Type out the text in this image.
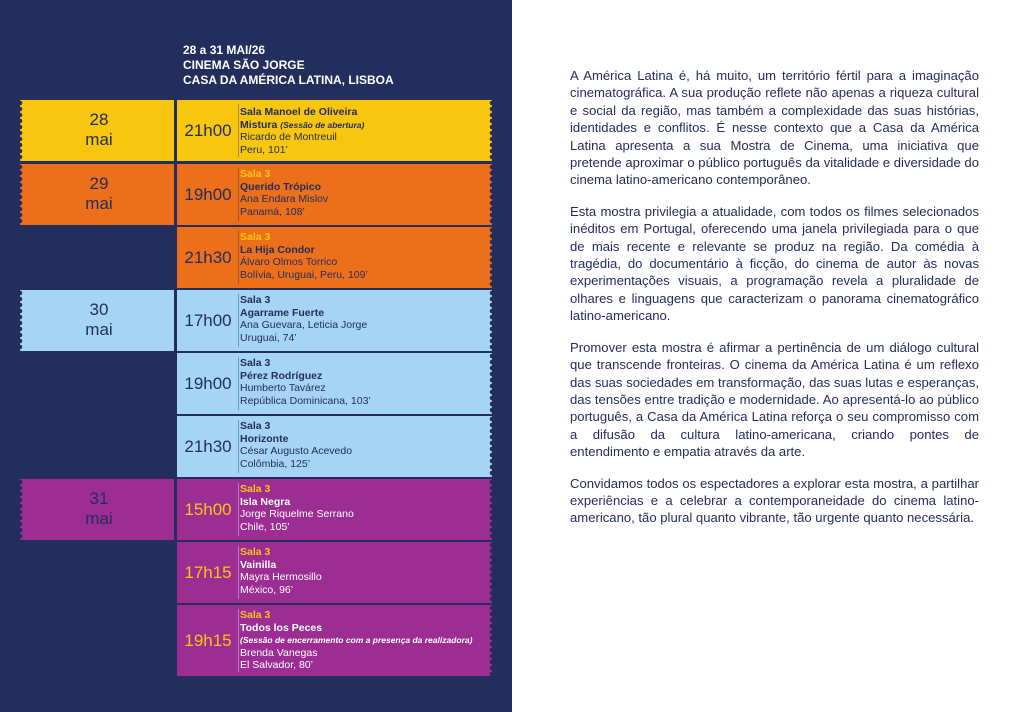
28 a 31 MAI/26
CINEMA SÃO JORGE
CASA DA AMÉRICA LATINA, LISBOA
28
mai
29
mai
30
mai
31
mai
21h00
Sala Manoel de Oliveira
Mistura (Sessão de abertura)
Ricardo de Montreuil
Peru, 101’
19h00
Sala 3
Querido Trópico
Ana Endara Mislov
Panamá, 108’
21h30
Sala 3
La Hija Condor
Álvaro Olmos Torrico
Bolívia, Uruguai, Peru, 109’
17h00
Sala 3
Agarrame Fuerte
Ana Guevara, Leticia Jorge
Uruguai, 74’
19h00
Sala 3
Pérez Rodríguez
Humberto Tavárez
República Dominicana, 103’
21h30
Sala 3
Horizonte
César Augusto Acevedo
Colômbia, 125’
15h00
Sala 3
Isla Negra
Jorge Riquelme Serrano
Chile, 105’
17h15
Sala 3
Vainilla
Mayra Hermosillo
México, 96’
19h15
Sala 3
Todos los Peces
(Sessão de encerramento com a presença da realizadora)
Brenda Vanegas
El Salvador, 80’

A América Latina é, há muito, um território fértil para a imaginação cinematográfica. A sua produção reflete não apenas a riqueza cultural e social da região, mas também a complexidade das suas histórias, identidades e conflitos. É nesse contexto que a Casa da América Latina apresenta a sua Mostra de Cinema, uma iniciativa que pretende aproximar o público português da vitalidade e diversidade do cinema latino-americano contemporâneo.

Esta mostra privilegia a atualidade, com todos os filmes selecionados inéditos em Portugal, oferecendo uma janela privilegiada para o que de mais recente e relevante se produz na região. Da comédia à tragédia, do documentário à ficção, do cinema de autor às novas experimentações visuais, a programação revela a pluralidade de olhares e linguagens que caracterizam o panorama cinematográfico latino-americano.

Promover esta mostra é afirmar a pertinência de um diálogo cultural que transcende fronteiras. O cinema da América Latina é um reflexo das suas sociedades em transformação, das suas lutas e esperanças, das tensões entre tradição e modernidade. Ao apresentá-lo ao público português, a Casa da América Latina reforça o seu compromisso com a difusão da cultura latino-americana, criando pontes de entendimento e empatia através da arte.

Convidamos todos os espectadores a explorar esta mostra, a partilhar experiências e a celebrar a contemporaneidade do cinema latino-americano, tão plural quanto vibrante, tão urgente quanto necessária.
